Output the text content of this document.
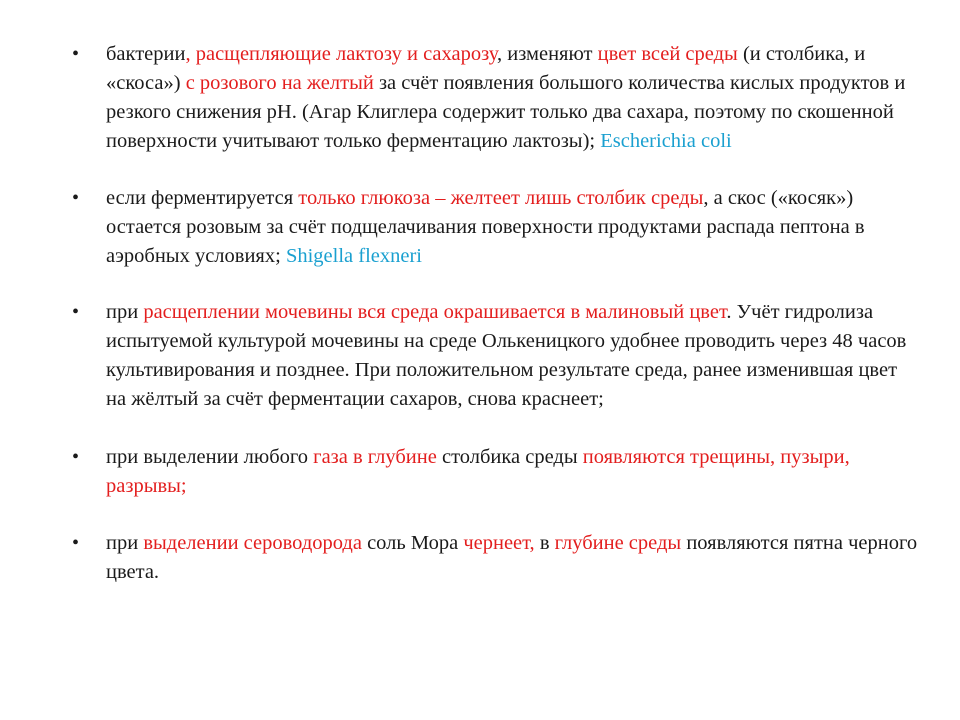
•	бактерии, расщепляющие лактозу и сахарозу, изменяют цвет всей среды (и столбика, и «скоса») с розового на желтый за счёт появления большого количества кислых продуктов и резкого снижения рН. (Агар Клиглера содержит только два сахара, поэтому по скошенной поверхности учитывают только ферментацию лактозы); Escherichia coli
•	если ферментируется только глюкоза – желтеет лишь столбик среды, а скос («косяк») остается розовым за счёт подщелачивания поверхности продуктами распада пептона в аэробных условиях; Shigella flexneri
•	при расщеплении мочевины вся среда окрашивается в малиновый цвет. Учёт гидролиза испытуемой культурой мочевины на среде Олькеницкого удобнее проводить через 48 часов культивирования и позднее. При положительном результате среда, ранее изменившая цвет на жёлтый за счёт ферментации сахаров, снова краснеет;
•	при выделении любого газа в глубине столбика среды появляются трещины, пузыри, разрывы;
•	при выделении сероводорода соль Мора чернеет, в глубине среды появляются пятна черного цвета.
